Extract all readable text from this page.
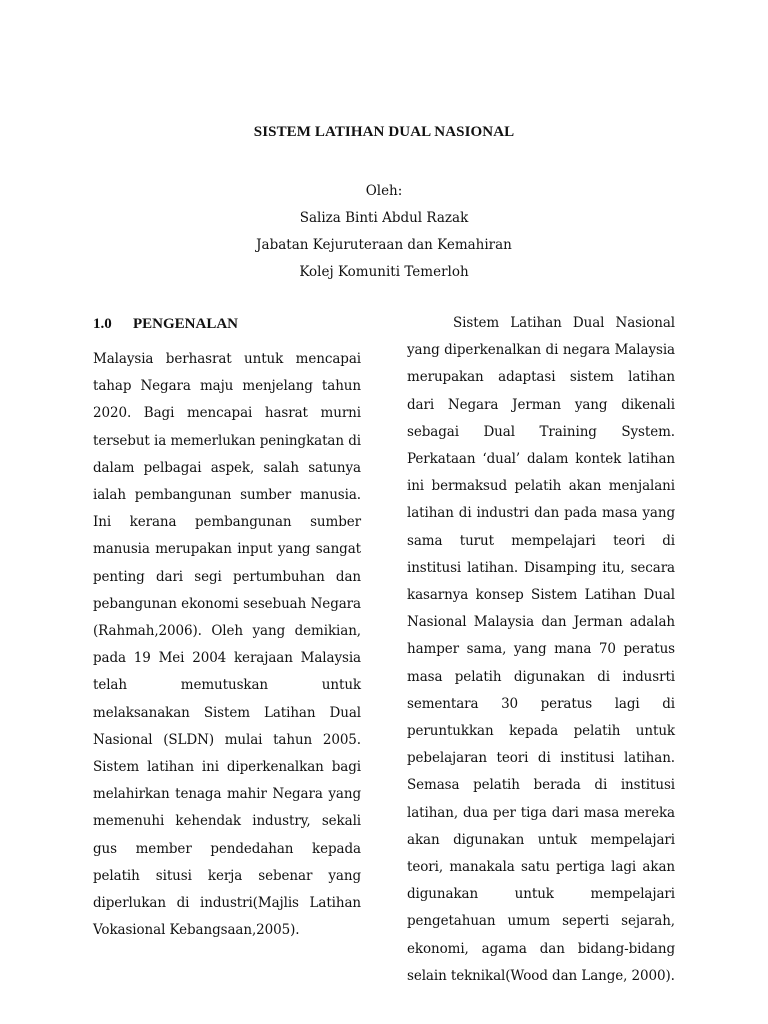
SISTEM LATIHAN DUAL NASIONAL
Oleh:
Saliza Binti Abdul Razak
Jabatan Kejuruteraan dan Kemahiran
Kolej Komuniti Temerloh
1.0 PENGENALAN

Malaysia berhasrat untuk mencapai tahap Negara maju menjelang tahun 2020. Bagi mencapai hasrat murni tersebut ia memerlukan peningkatan di dalam pelbagai aspek, salah satunya ialah pembangunan sumber manusia. Ini kerana pembangunan sumber manusia merupakan input yang sangat penting dari segi pertumbuhan dan pebangunan ekonomi sesebuah Negara (Rahmah,2006). Oleh yang demikian, pada 19 Mei 2004 kerajaan Malaysia telah memutuskan untuk melaksanakan Sistem Latihan Dual Nasional (SLDN) mulai tahun 2005. Sistem latihan ini diperkenalkan bagi melahirkan tenaga mahir Negara yang memenuhi kehendak industry, sekali gus member pendedahan kepada pelatih situsi kerja sebenar yang diperlukan di industri(Majlis Latihan Vokasional Kebangsaan,2005).

Sistem Latihan Dual Nasional yang diperkenalkan di negara Malaysia merupakan adaptasi sistem latihan dari Negara Jerman yang dikenali sebagai Dual Training System. Perkataan ‘dual’ dalam kontek latihan ini bermaksud pelatih akan menjalani latihan di industri dan pada masa yang sama turut mempelajari teori di institusi latihan. Disamping itu, secara kasarnya konsep Sistem Latihan Dual Nasional Malaysia dan Jerman adalah hamper sama, yang mana 70 peratus masa pelatih digunakan di indusrti sementara 30 peratus lagi di peruntukkan kepada pelatih untuk pebelajaran teori di institusi latihan. Semasa pelatih berada di institusi latihan, dua per tiga dari masa mereka akan digunakan untuk mempelajari teori, manakala satu pertiga lagi akan digunakan untuk mempelajari pengetahuan umum seperti sejarah, ekonomi, agama dan bidang-bidang selain teknikal(Wood dan Lange, 2000).
